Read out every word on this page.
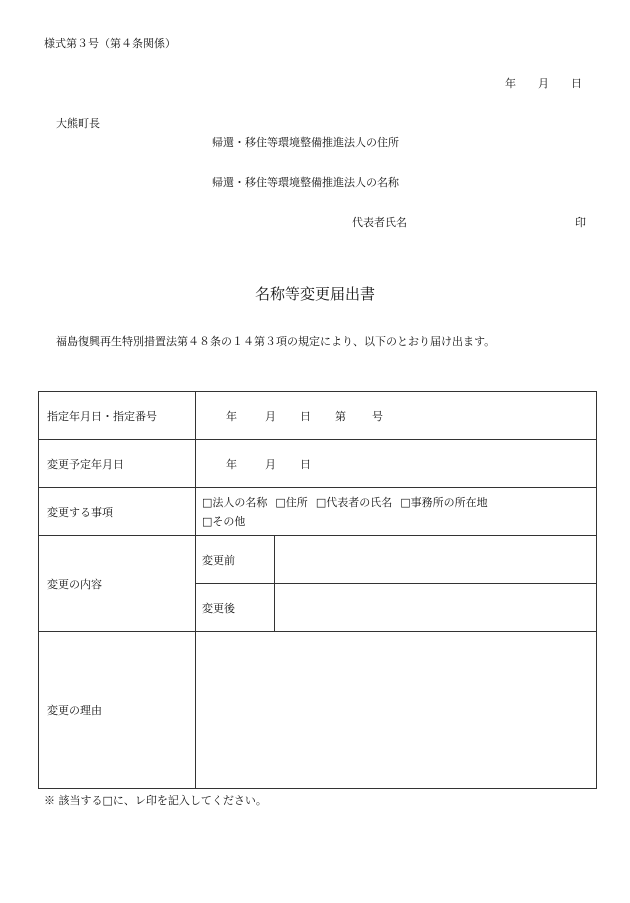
様式第３号（第４条関係）
年 月 日
大熊町長
帰還・移住等環境整備推進法人の住所
帰還・移住等環境整備推進法人の名称
代表者氏名	印
名称等変更届出書
福島復興再生特別措置法第４８条の１４第３項の規定により、以下のとおり届け出ます。
指定年月日・指定番号	年 月 日 第 号	
変更予定年月日	年 月 日	
変更する事項	□法人の名称 □住所 □代表者の氏名 □事務所の所在地
□その他	

変更の内容	変更前	
	変更後	
変更の理由		
※ 該当する□に、レ印を記入してください。
